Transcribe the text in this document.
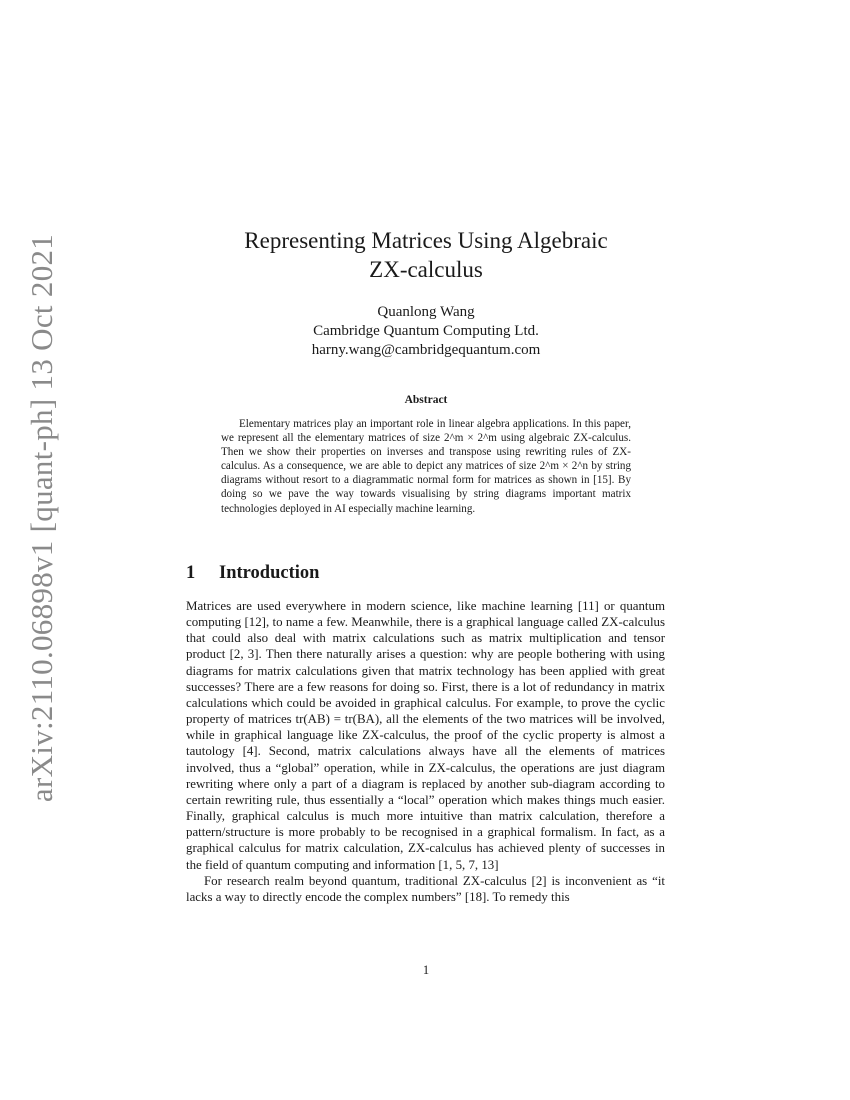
arXiv:2110.06898v1 [quant-ph] 13 Oct 2021	Representing Matrices Using Algebraic
ZX-calculus
Quanlong Wang
Cambridge Quantum Computing Ltd.
harny.wang@cambridgequantum.com
Abstract
Elementary matrices play an important role in linear algebra applications. In this paper, we represent all the elementary matrices of size 2^m × 2^m using algebraic ZX-calculus. Then we show their properties on inverses and transpose using rewriting rules of ZX-calculus. As a consequence, we are able to depict any matrices of size 2^m × 2^n by string diagrams without resort to a diagrammatic normal form for matrices as shown in [15]. By doing so we pave the way towards visualising by string diagrams important matrix technologies deployed in AI especially machine learning.
1 Introduction

Matrices are used everywhere in modern science, like machine learning [11] or quantum computing [12], to name a few. Meanwhile, there is a graphical language called ZX-calculus that could also deal with matrix calculations such as matrix multiplication and tensor product [2, 3]. Then there naturally arises a question: why are people bothering with using diagrams for matrix calculations given that matrix technology has been applied with great successes? There are a few reasons for doing so. First, there is a lot of redundancy in matrix calculations which could be avoided in graphical calculus. For example, to prove the cyclic property of matrices tr(AB) = tr(BA), all the elements of the two matrices will be involved, while in graphical language like ZX-calculus, the proof of the cyclic property is almost a tautology [4]. Second, matrix calculations always have all the elements of matrices involved, thus a “global” operation, while in ZX-calculus, the operations are just diagram rewriting where only a part of a diagram is replaced by another sub-diagram according to certain rewriting rule, thus essentially a “local” operation which makes things much easier. Finally, graphical calculus is much more intuitive than matrix calculation, therefore a pattern/structure is more probably to be recognised in a graphical formalism. In fact, as a graphical calculus for matrix calculation, ZX-calculus has achieved plenty of successes in the field of quantum computing and information [1, 5, 7, 13]

For research realm beyond quantum, traditional ZX-calculus [2] is inconvenient as “it lacks a way to directly encode the complex numbers” [18]. To remedy this

1
